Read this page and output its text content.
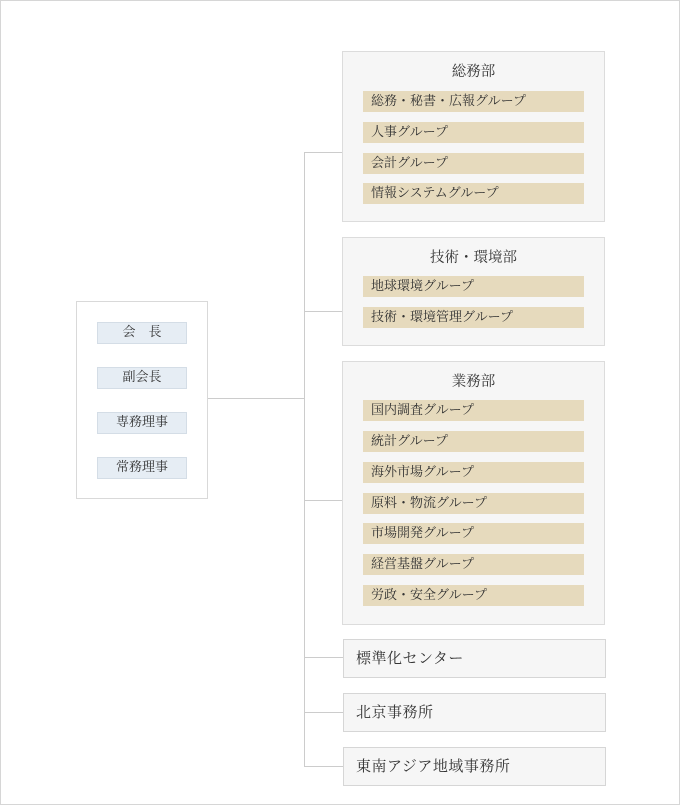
会　長
副会長
専務理事
常務理事
総務部
総務・秘書・広報グループ
人事グループ
会計グループ
情報システムグループ
技術・環境部
地球環境グループ
技術・環境管理グループ
業務部
国内調査グループ
統計グループ
海外市場グループ
原料・物流グループ
市場開発グループ
経営基盤グループ
労政・安全グループ
標準化センター
北京事務所
東南アジア地域事務所
